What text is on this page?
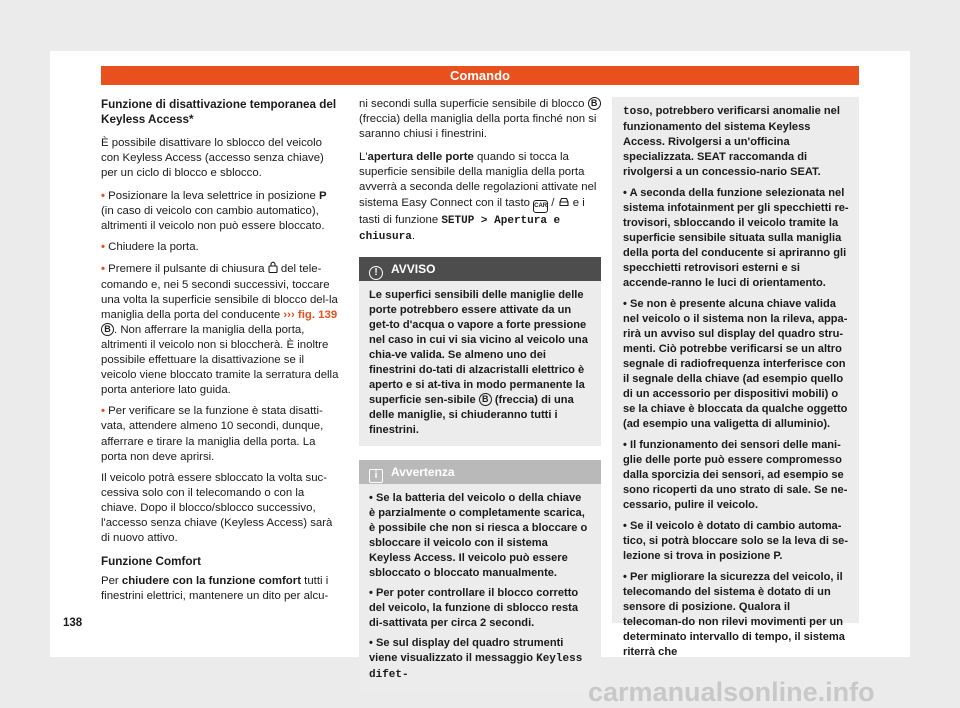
Comando

Funzione di disattivazione temporanea del Keyless Access*

È possibile disattivare lo sblocco del veicolo con Keyless Access (accesso senza chiave) per un ciclo di blocco e sblocco.

• Posizionare la leva selettrice in posizione P (in caso di veicolo con cambio automatico), altrimenti il veicolo non può essere bloccato.

• Chiudere la porta.

• Premere il pulsante di chiusura  del tele-comando e, nei 5 secondi successivi, toccare una volta la superficie sensibile di blocco del-la maniglia della porta del conducente ››› fig. 139 B . Non afferrare la maniglia della porta, altrimenti il veicolo non si bloccherà. È inoltre possibile effettuare la disattivazione se il veicolo viene bloccato tramite la serratura della porta anteriore lato guida.

• Per verificare se la funzione è stata disatti-vata, attendere almeno 10 secondi, dunque, afferrare e tirare la maniglia della porta. La porta non deve aprirsi.

Il veicolo potrà essere sbloccato la volta suc-cessiva solo con il telecomando o con la chiave. Dopo il blocco/sblocco successivo, l'accesso senza chiave (Keyless Access) sarà di nuovo attivo.

Funzione Comfort

Per chiudere con la funzione comfort tutti i finestrini elettrici, mantenere un dito per alcu-

ni secondi sulla superficie sensibile di blocco B (freccia) della maniglia della porta finché non si saranno chiusi i finestrini.

L'apertura delle porte quando si tocca la superficie sensibile della maniglia della porta avverrà a seconda delle regolazioni attivate nel sistema Easy Connect con il tasto CAR /  e i tasti di funzione SETUP > Apertura e chiusura.

! AVVISO
Le superfici sensibili delle maniglie delle porte potrebbero essere attivate da un get-to d'acqua o vapore a forte pressione nel caso in cui vi sia vicino al veicolo una chia-ve valida. Se almeno uno dei finestrini do-tati di alzacristalli elettrico è aperto e si at-tiva in modo permanente la superficie sen-sibile B (freccia) di una delle maniglie, si chiuderanno tutti i finestrini.
i Avvertenza

• Se la batteria del veicolo o della chiave è parzialmente o completamente scarica, è possibile che non si riesca a bloccare o sbloccare il veicolo con il sistema Keyless Access. Il veicolo può essere sbloccato o bloccato manualmente.

• Per poter controllare il blocco corretto del veicolo, la funzione di sblocco resta di-sattivata per circa 2 secondi.

• Se sul display del quadro strumenti viene visualizzato il messaggio Keyless difet-

toso, potrebbero verificarsi anomalie nel funzionamento del sistema Keyless Access. Rivolgersi a un'officina specializzata. SEAT raccomanda di rivolgersi a un concessio-nario SEAT.

• A seconda della funzione selezionata nel sistema infotainment per gli specchietti re-trovisori, sbloccando il veicolo tramite la superficie sensibile situata sulla maniglia della porta del conducente si apriranno gli specchietti retrovisori esterni e si accende-ranno le luci di orientamento.

• Se non è presente alcuna chiave valida nel veicolo o il sistema non la rileva, appa-rirà un avviso sul display del quadro stru-menti. Ciò potrebbe verificarsi se un altro segnale di radiofrequenza interferisce con il segnale della chiave (ad esempio quello di un accessorio per dispositivi mobili) o se la chiave è bloccata da qualche oggetto (ad esempio una valigetta di alluminio).

• Il funzionamento dei sensori delle mani-glie delle porte può essere compromesso dalla sporcizia dei sensori, ad esempio se sono ricoperti da uno strato di sale. Se ne-cessario, pulire il veicolo.

• Se il veicolo è dotato di cambio automa-tico, si potrà bloccare solo se la leva di se-lezione si trova in posizione P.

• Per migliorare la sicurezza del veicolo, il telecomando del sistema è dotato di un sensore di posizione. Qualora il telecoman-do non rilevi movimenti per un determinato intervallo di tempo, il sistema riterrà che

138
carmanualsonline.info
